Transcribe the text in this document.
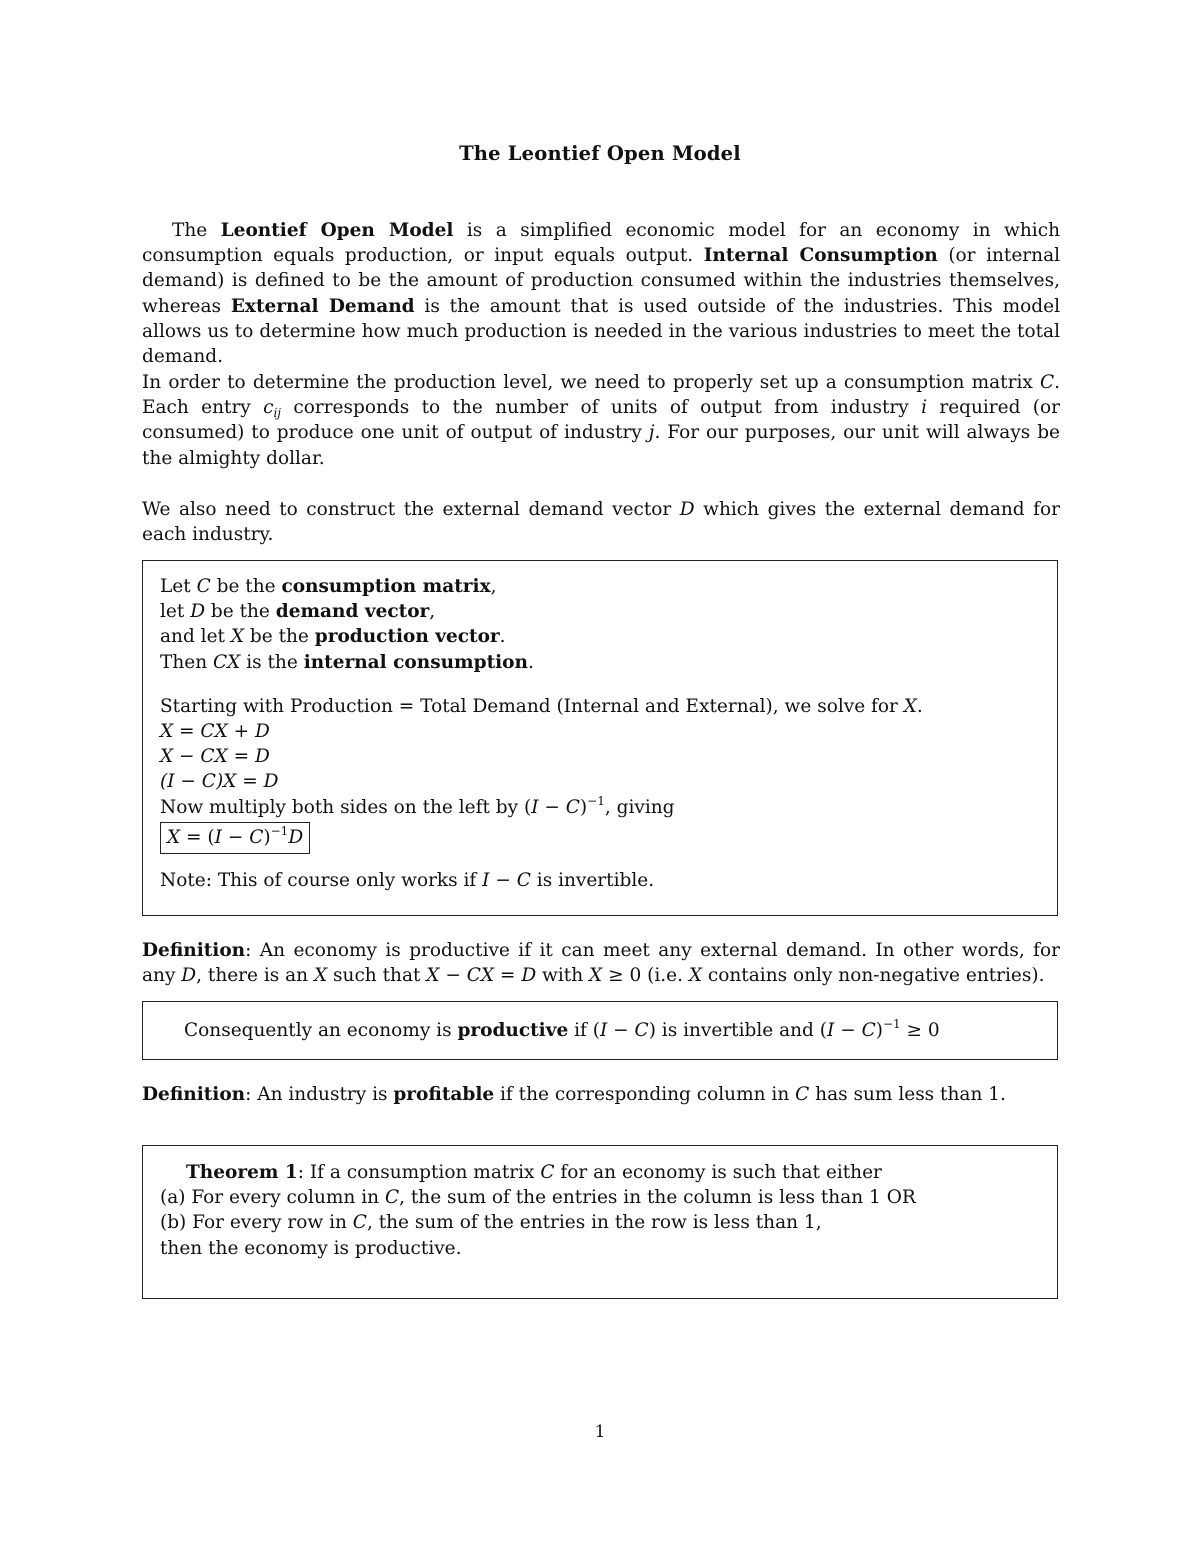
The Leontief Open Model
The Leontief Open Model is a simplified economic model for an economy in which consumption equals production, or input equals output. Internal Consumption (or internal demand) is defined to be the amount of production consumed within the industries themselves, whereas External Demand is the amount that is used outside of the industries. This model allows us to determine how much production is needed in the various industries to meet the total demand.
In order to determine the production level, we need to properly set up a consumption matrix C. Each entry $c_{ij}$ corresponds to the number of units of output from industry i required (or consumed) to produce one unit of output of industry j. For our purposes, our unit will always be the almighty dollar.
We also need to construct the external demand vector D which gives the external demand for each industry.
Let C be the consumption matrix,
let D be the demand vector,
and let X be the production vector.
Then CX is the internal consumption.
Starting with Production = Total Demand (Internal and External), we solve for X.
X = CX + D
X − CX = D
(I − C)X = D
Now multiply both sides on the left by $(I - C)^{-1}$, giving
$X = (I - C)^{-1}D$
Note: This of course only works if I − C is invertible.
Definition: An economy is productive if it can meet any external demand. In other words, for any D, there is an X such that X − CX = D with X ≥ 0 (i.e. X contains only non-negative entries).
Consequently an economy is productive if (I − C) is invertible and $(I - C)^{-1} \ge 0$
Definition: An industry is profitable if the corresponding column in C has sum less than 1.
Theorem 1: If a consumption matrix C for an economy is such that either
(a) For every column in C, the sum of the entries in the column is less than 1 OR
(b) For every row in C, the sum of the entries in the row is less than 1,
then the economy is productive.
1
